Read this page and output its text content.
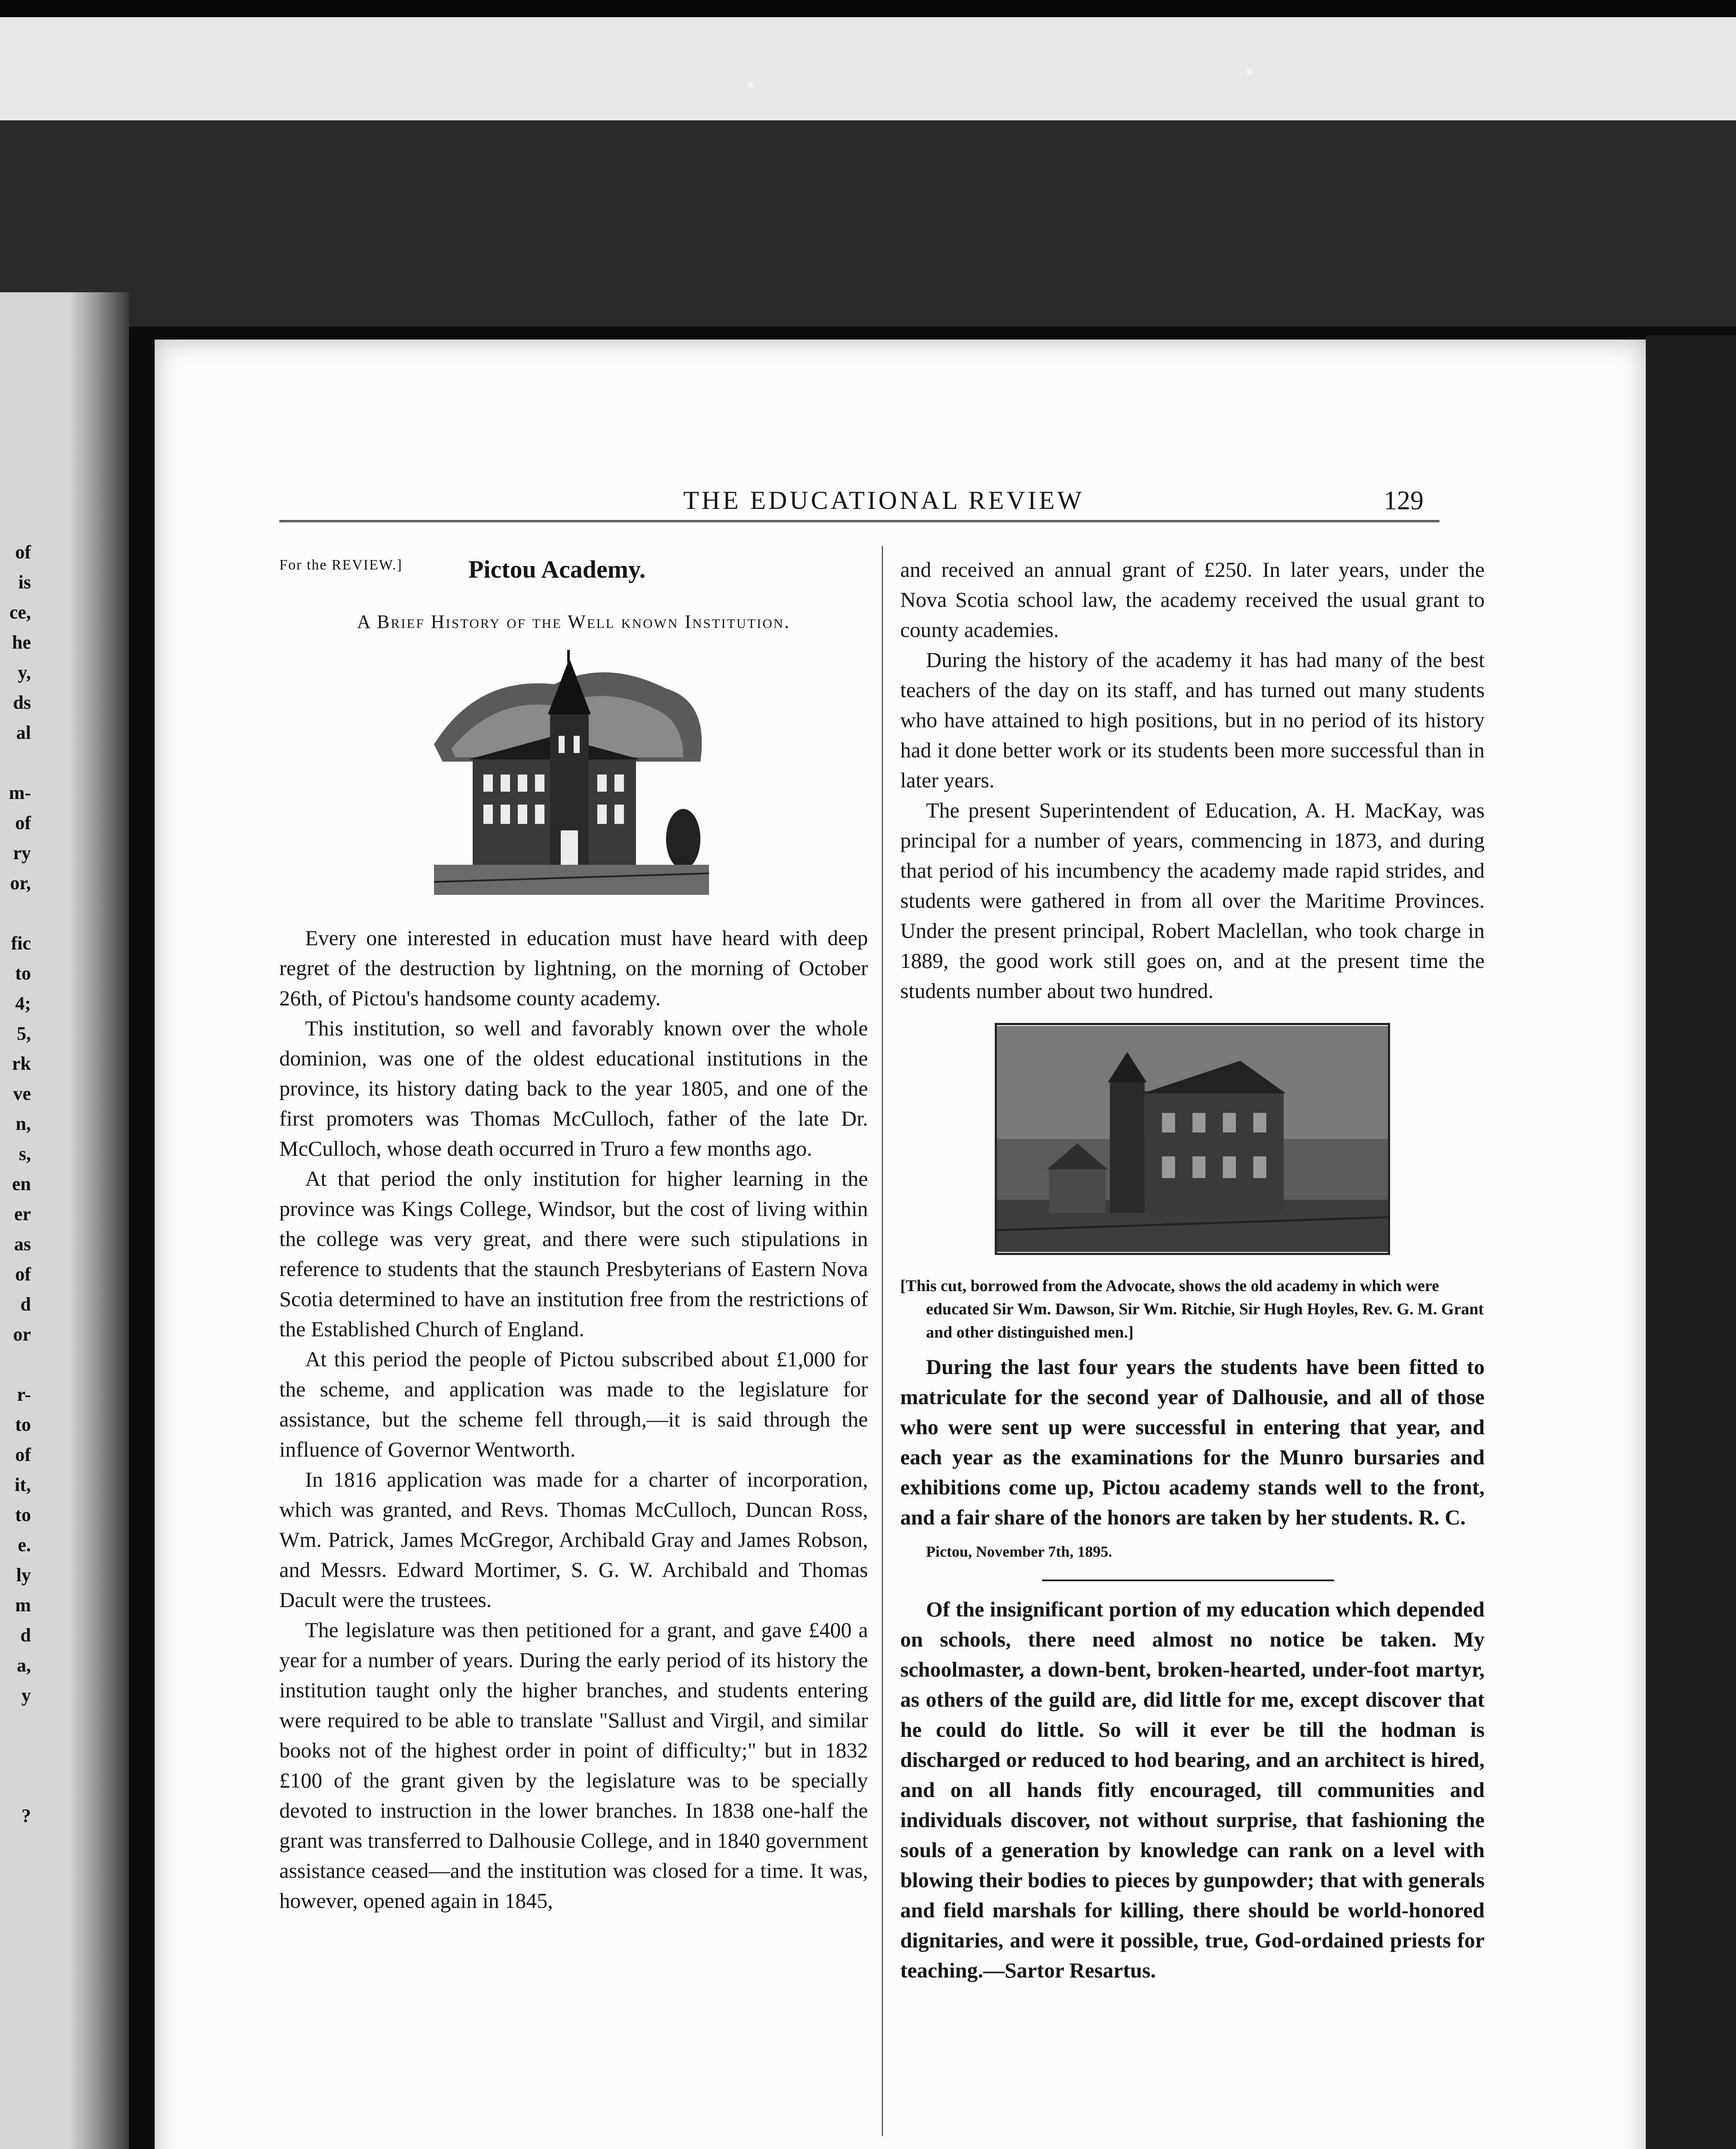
of
is
ce,
he
y,
ds
al
m-
of
ry
or,
fic
to
4;
5,
rk
ve
n,
s,
en
er
as
of
d
or
r-
to
of
it,
to
e.
ly
m
d
a,
y
?
THE EDUCATIONAL REVIEW	129

For the REVIEW.]	Pictou Academy.

A Brief History of the Well known Institution.

Every one interested in education must have heard with deep regret of the destruction by lightning, on the morning of October 26th, of Pictou's handsome county academy.

This institution, so well and favorably known over the whole dominion, was one of the oldest educational institutions in the province, its history dating back to the year 1805, and one of the first promoters was Thomas McCulloch, father of the late Dr. McCulloch, whose death occurred in Truro a few months ago.

At that period the only institution for higher learning in the province was Kings College, Windsor, but the cost of living within the college was very great, and there were such stipulations in reference to students that the staunch Presbyterians of Eastern Nova Scotia determined to have an institution free from the restrictions of the Established Church of England.

At this period the people of Pictou subscribed about £1,000 for the scheme, and application was made to the legislature for assistance, but the scheme fell through,—it is said through the influence of Governor Wentworth.

In 1816 application was made for a charter of incorporation, which was granted, and Revs. Thomas McCulloch, Duncan Ross, Wm. Patrick, James McGregor, Archibald Gray and James Robson, and Messrs. Edward Mortimer, S. G. W. Archibald and Thomas Dacult were the trustees.

The legislature was then petitioned for a grant, and gave £400 a year for a number of years. During the early period of its history the institution taught only the higher branches, and students entering were required to be able to translate "Sallust and Virgil, and similar books not of the highest order in point of difficulty;" but in 1832 £100 of the grant given by the legislature was to be specially devoted to instruction in the lower branches. In 1838 one-half the grant was transferred to Dalhousie College, and in 1840 government assistance ceased—and the institution was closed for a time. It was, however, opened again in 1845,

and received an annual grant of £250. In later years, under the Nova Scotia school law, the academy received the usual grant to county academies.

During the history of the academy it has had many of the best teachers of the day on its staff, and has turned out many students who have attained to high positions, but in no period of its history had it done better work or its students been more successful than in later years.

The present Superintendent of Education, A. H. MacKay, was principal for a number of years, commencing in 1873, and during that period of his incumbency the academy made rapid strides, and students were gathered in from all over the Maritime Provinces. Under the present principal, Robert Maclellan, who took charge in 1889, the good work still goes on, and at the present time the students number about two hundred.

[This cut, borrowed from the Advocate, shows the old academy in which were educated Sir Wm. Dawson, Sir Wm. Ritchie, Sir Hugh Hoyles, Rev. G. M. Grant and other distinguished men.]

During the last four years the students have been fitted to matriculate for the second year of Dalhousie, and all of those who were sent up were successful in entering that year, and each year as the examinations for the Munro bursaries and exhibitions come up, Pictou academy stands well to the front, and a fair share of the honors are taken by her students. R. C.

Pictou, November 7th, 1895.

Of the insignificant portion of my education which depended on schools, there need almost no notice be taken. My schoolmaster, a down-bent, broken-hearted, under-foot martyr, as others of the guild are, did little for me, except discover that he could do little. So will it ever be till the hodman is discharged or reduced to hod bearing, and an architect is hired, and on all hands fitly encouraged, till communities and individuals discover, not without surprise, that fashioning the souls of a generation by knowledge can rank on a level with blowing their bodies to pieces by gunpowder; that with generals and field marshals for killing, there should be world-honored dignitaries, and were it possible, true, God-ordained priests for teaching.—Sartor Resartus.
